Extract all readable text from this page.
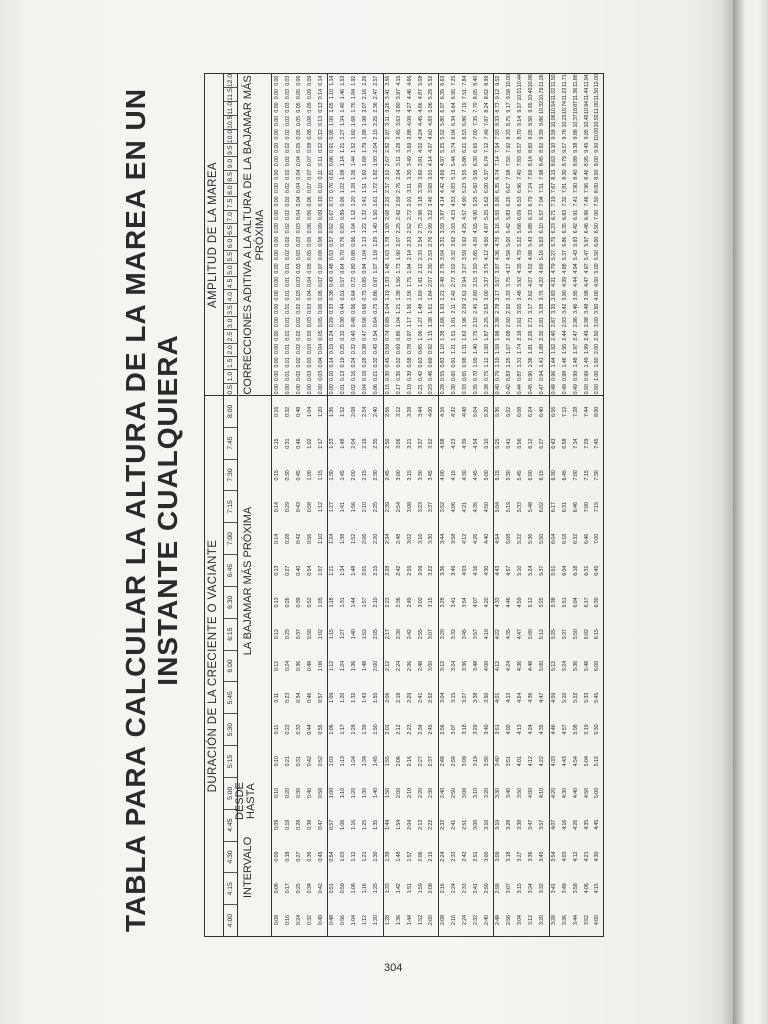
TABLA PARA CALCULAR LA ALTURA DE LA MAREA EN UN INSTANTE CUALQUIERA DURACIÓN DE LA CRECIENTE O VACIANTE
4:00
4:15
4:30
4:45
5:00
5:15
5:30
5:45
6:00
6:15
6:30
6:45
7:00
7:15
7:30
7:45
8:00
INTERVALO
DESDE HASTA
LA BAJAMAR MÁS PRÓXIMA
AMPLITUD DE LA MAREA
0.5
1.0
1.5
2.0
2.5
3.0
3.5
4.0
4.5
5.0
5.5
6.0
6.5
7.0
7.5
8.0
8.5
9.0
9.5
10.0
10.5
11.0
11.5
12.0 CORRECCIONES ADITIVA A LA ALTURA DE LA BAJAMAR MÁS PRÓXIMA
0:08 0:16 0:24 0:32 0:40
0:08 0:17 0:25 0:34 0:42
0:09 0:18 0:27 0:36 0:45
0:09 0:19 0:28 0:38 0:47
0:10 0:20 0:30 0:40 0:50
0:10 0:21 0:31 0:42 0:52
0:11 0:22 0:33 0:44 0:55
0:11 0:23 0:34 0:46 0:57
0:12 0:24 0:36 0:48 1:00
0:12 0:25 0:37 0:50 1:02
0:13 0:26 0:39 0:52 1:05
0:13 0:27 0:40 0:54 1:07
0:14 0:28 0:42 0:56 1:10
0:14 0:29 0:43 0:58 1:12
0:15 0:30 0:45 1:00 1:15
0:15 0:31 0:46 1:02 1:17
0:16 0:32 0:48 1:04 1:20
0.00 0.00 0.00 0.00 0.00
0.00 0.01 0.02 0.03 0.03
0.00 0.01 0.02 0.03 0.04
0.00 0.01 0.02 0.03 0.04
0.00 0.01 0.02 0.03 0.05
0.00 0.01 0.02 0.03 0.05
0.00 0.01 0.02 0.03 0.06
0.00 0.01 0.03 0.04 0.06
0.00 0.01 0.03 0.04 0.07
0.00 0.01 0.03 0.05 0.07
0.00 0.02 0.03 0.05 0.08
0.00 0.02 0.03 0.05 0.08
0.00 0.02 0.03 0.06 0.09
0.00 0.02 0.04 0.06 0.09
0.00 0.02 0.04 0.06 0.10
0.00 0.02 0.04 0.07 0.10
0.00 0.02 0.04 0.07 0.11
0.00 0.02 0.04 0.07 0.11
0.00 0.02 0.05 0.08 0.12
0.00 0.02 0.05 0.08 0.12
0.00 0.02 0.05 0.08 0.13
0.00 0.03 0.05 0.09 0.13
0.00 0.03 0.05 0.09 0.14
0.00 0.03 0.06 0.09 0.14
0:48 0:56 1:04 1:12 1:20
0:51 0:59 1:08 1:16 1:25
0:54 1:03 1:12 1:21 1:30
0:57 1:06 1:16 1:25 1:35
1:00 1:10 1:20 1:30 1:40
1:03 1:13 1:24 1:34 1:45
1:06 1:17 1:28 1:39 1:50
1:09 1:20 1:32 1:43 1:55
1:12 1:24 1:36 1:48 2:00
1:15 1:27 1:40 1:52 2:05
1:18 1:31 1:44 1:57 2:10
1:21 1:34 1:48 2:01 2:15
1:24 1:38 1:52 2:06 2:20
1:27 1:41 1:56 2:10 2:25
1:30 1:45 2:00 2:15 2:30
1:33 1:48 2:04 2:19 2:35
1:36 1:52 2:08 2:24 2:40
0.00 0.01 0.02 0.04 0.06
0.10 0.13 0.16 0.19 0.21
0.14 0.19 0.24 0.28 0.32
0.19 0.25 0.32 0.38 0.43
0.24 0.32 0.40 0.47 0.54
0.29 0.38 0.48 0.56 0.64
0.33 0.44 0.56 0.66 0.75
0.38 0.51 0.64 0.75 0.86
0.43 0.57 0.72 0.85 0.97
0.48 0.64 0.80 0.94 1.07
0.53 0.70 0.88 1.04 1.18
0.57 0.76 0.96 1.13 1.29
0.62 0.83 1.04 1.22 1.40
0.67 0.89 1.12 1.32 1.50
0.72 0.95 1.20 1.41 1.61
0.76 1.02 1.28 1.51 1.72
0.81 1.08 1.36 1.60 1.82
0.86 1.14 1.44 1.69 1.93
0.91 1.21 1.52 1.79 2.04
0.95 1.27 1.60 1.88 2.15
1.00 1.34 1.68 1.98 2.25
1.05 1.40 1.76 2.07 2.36
1.10 1.46 1.84 2.16 2.47
1.14 1.53 1.92 2.26 2.57
1:28 1:36 1:44 1:52 2:00
1:33 1:42 1:51 1:59 2:08
1:39 1:48 1:57 2:06 2:15
1:44 1:54 2:04 2:13 2:22
1:50 2:00 2:10 2:20 2:30
1:55 2:06 2:16 2:27 2:37
2:01 2:12 2:23 2:34 2:45
2:06 2:18 2:29 2:41 2:52
2:12 2:24 2:36 2:48 3:00
2:17 2:30 2:42 2:55 3:07
2:23 2:36 2:49 3:02 3:15
2:28 2:42 2:55 3:09 3:22
2:34 2:48 3:02 3:16 3:30
2:39 2:54 3:08 3:23 3:37
2:45 3:00 3:15 3:30 3:45
2:50 3:06 3:21 3:37 3:52
2:56 3:12 3:28 3:44 4:00
0.15 0.17 0.19 0.21 0.23
0.30 0.35 0.39 0.42 0.46
0.45 0.52 0.58 0.63 0.69
0.59 0.69 0.78 0.85 0.92
0.74 0.86 0.97 1.06 1.15
0.89 1.04 1.17 1.27 1.38
1.04 1.21 1.36 1.48 1.61
1.19 1.38 1.56 1.69 1.84
1.33 1.56 1.75 1.91 2.07
1.48 1.73 1.94 2.12 2.30
1.63 1.90 2.14 2.33 2.53
1.78 2.07 2.33 2.54 2.76
1.93 2.25 2.52 2.75 2.99
2.08 2.42 2.72 2.96 3.22
2.22 2.59 2.91 3.18 3.45
2.37 2.76 3.11 3.39 3.68
2.52 2.94 3.30 3.60 3.91
2.67 3.11 3.49 3.81 4.14
2.82 3.28 3.69 4.02 4.37
2.97 3.45 3.88 4.24 4.60
3.11 3.63 4.08 4.45 4.83
3.26 3.80 4.27 4.66 5.06
3.41 3.97 4.46 4.87 5.29
3.56 4.15 4.66 5.08 5.52
2:08 2:16 2:24 2:32 2:40
2:16 2:24 2:33 2:41 2:50
2:24 2:33 2:42 2:51 3:00
2:32 2:41 2:51 3:00 3:10
2:40 2:50 3:00 3:10 3:20
2:48 2:58 3:09 3:19 3:30
2:56 3:07 3:18 3:29 3:40
3:04 3:15 3:27 3:38 3:50
3:12 3:24 3:36 3:48 4:00
3:20 3:32 3:45 3:57 4:10
3:28 3:41 3:54 4:07 4:20
3:36 3:49 4:03 4:16 4:30
3:44 3:58 4:12 4:26 4:40
3:52 4:06 4:21 4:35 4:50
4:00 4:15 4:30 4:45 5:00
4:08 4:23 4:39 4:54 5:10
4:16 4:32 4:48 5:04 5:20
0.28 0.30 0.33 0.35 0.38
0.55 0.60 0.65 0.70 0.75
0.83 0.91 0.98 1.05 1.12
1.10 1.21 1.31 1.40 1.50
1.38 1.51 1.63 1.75 1.87
1.66 1.81 1.96 2.10 2.25
1.93 2.11 2.29 2.45 2.62
2.21 2.42 2.61 2.80 3.00
2.48 2.72 2.94 3.15 3.37
2.76 3.02 3.27 3.50 3.75
3.04 3.32 3.59 3.85 4.12
3.31 3.62 3.92 4.20 4.50
3.59 3.93 4.25 4.55 4.87
3.87 4.23 4.57 4.90 5.25
4.14 4.53 4.90 5.25 5.62
4.42 4.83 5.23 5.60 6.00
4.69 5.13 5.55 5.95 6.37
4.97 5.44 5.88 6.30 6.74
5.25 5.74 6.21 6.65 7.12
5.52 6.04 6.53 7.00 7.49
5.80 6.34 6.86 7.35 7.87
6.07 6.64 7.19 7.70 8.24
6.35 6.95 7.51 8.05 8.62
6.63 7.25 7.84 8.40 8.99
2:48 2:56 3:04 3:12 3:20
2:58 3:07 3:15 3:24 3:32
3:09 3:18 3:27 3:36 3:45
3:19 3:28 3:38 3:47 3:57
3:30 3:40 3:50 4:00 4:10
3:40 3:51 4:01 4:12 4:22
3:51 4:02 4:13 4:24 4:35
4:01 4:13 4:24 4:36 4:47
4:12 4:24 4:36 4:48 5:00
4:22 4:35 4:47 5:00 5:12
4:33 4:46 4:59 5:12 5:25
4:43 4:57 5:10 5:24 5:37
4:54 5:08 5:22 5:36 5:50
5:04 5:19 5:33 5:48 6:02
5:15 5:30 5:45 6:00 6:15
5:25 5:41 5:56 6:12 6:27
5:36 5:52 6:08 6:24 6:40
0.40 0.42 0.44 0.45 0.47
0.79 0.83 0.87 0.90 0.94
1.19 1.25 1.31 1.36 1.41
1.59 1.67 1.74 1.81 1.88
1.98 2.08 2.18 2.26 2.35
2.38 2.50 2.61 2.71 2.81
2.78 2.92 3.05 3.17 3.28
3.17 3.33 3.48 3.62 3.75
3.57 3.75 3.92 4.07 4.22
3.97 4.17 4.35 4.52 4.69
4.36 4.58 4.79 4.98 5.16
4.76 5.00 5.22 5.43 5.63
5.16 5.42 5.66 5.88 6.10
5.55 5.83 6.09 6.33 6.57
5.95 6.25 6.53 6.79 7.04
6.35 6.67 6.96 7.24 7.51
6.74 7.08 7.40 7.69 7.98
7.14 7.50 7.83 8.14 8.45
7.54 7.92 8.27 8.60 8.92
7.93 8.33 8.70 9.05 9.39
8.33 8.75 9.14 9.50 9.86
8.73 9.17 9.57 9.95 10.32
9.12 9.58 10.01 10.40 10.79
9.52 10.00 10.44 10.86 11.26
3:28 3:36 3:44 3:52 4:00
3:41 3:49 3:58 4:06 4:15
3:54 4:03 4:12 4:21 4:30
4:07 4:16 4:26 4:35 4:45
4:20 4:30 4:40 4:50 5:00
4:33 4:43 4:54 5:04 5:15
4:46 4:57 5:08 5:19 5:30
4:59 5:10 5:22 5:33 5:45
5:12 5:24 5:36 5:48 6:00
5:25 5:37 5:50 6:02 6:15
5:38 5:51 6:04 6:17 6:30
5:51 6:04 6:18 6:31 6:45
6:04 6:18 6:32 6:46 7:00
6:17 6:31 6:46 7:00 7:15
6:30 6:45 7:00 7:15 7:30
6:43 6:58 7:14 7:29 7:45
6:56 7:12 7:28 7:44 8:00
0.48 0.49 0.49 0.50 0.50
0.96 0.98 0.99 0.99 1.00
1.44 1.46 1.48 1.49 1.50
1.92 1.95 1.97 1.99 2.00
2.40 2.44 2.47 2.49 2.50
2.87 2.93 2.96 2.98 3.00
3.35 3.42 3.46 3.48 3.50
3.83 3.90 3.95 3.98 4.00
4.31 4.39 4.44 4.47 4.50
4.79 4.88 4.94 4.97 5.00
5.27 5.37 5.43 5.47 5.50
5.75 5.86 5.93 5.97 6.00
6.23 6.35 6.42 6.46 6.50
6.71 6.83 6.91 6.96 7.00
7.19 7.32 7.41 7.46 7.50
7.67 7.81 7.90 7.96 8.00
8.15 8.30 8.40 8.46 8.50
8.63 8.79 8.89 8.95 9.00
9.10 9.27 9.38 9.45 9.50
9.58 9.76 9.88 9.95 10.00
10.06 10.25 10.37 10.45 10.50
10.54 10.74 10.87 10.94 11.00
11.02 11.23 11.36 11.44 11.50
11.50 11.71 11.86 11.94 12.00
304
